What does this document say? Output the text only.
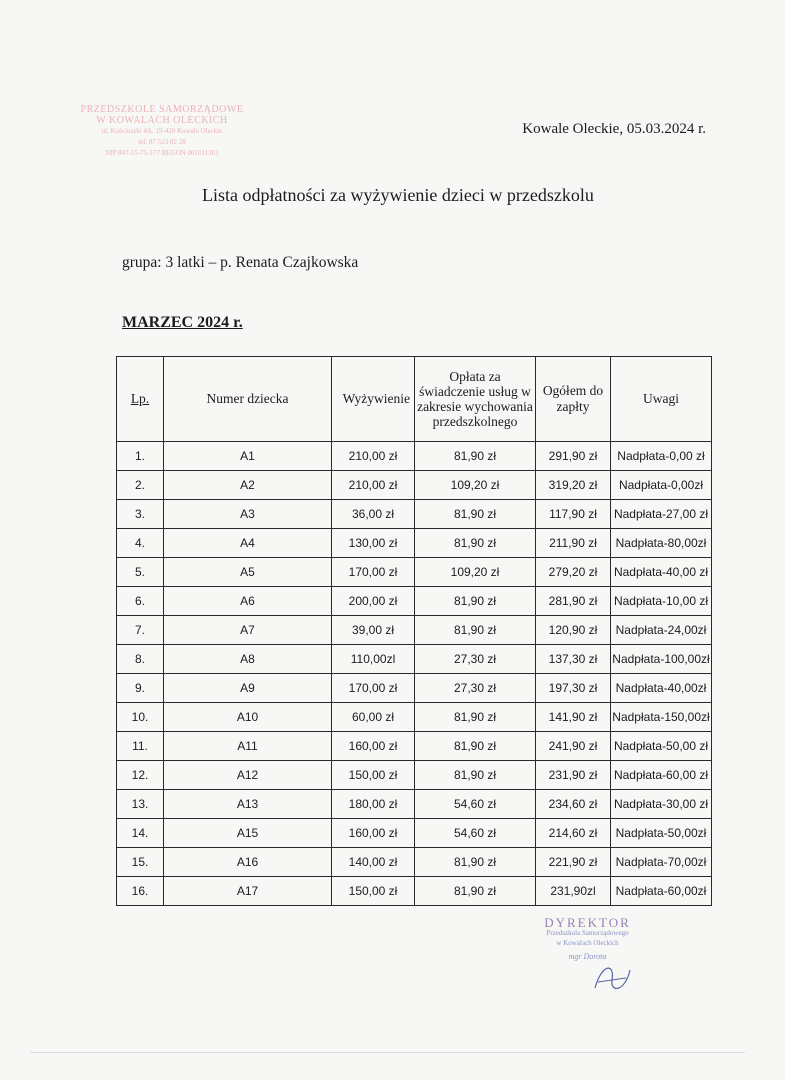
PRZEDSZKOLE SAMORZĄDOWE
W KOWALACH OLECKICH
ul. Kościuszki 4A, 19-420 Kowale Oleckie
tel. 87 523 82 28
NIP 847-15-75-177 REGON 001011301
Kowale Oleckie, 05.03.2024 r.
Lista odpłatności za wyżywienie dzieci w przedszkolu
grupa: 3 latki – p. Renata Czajkowska
MARZEC 2024 r.
Lp.	Numer dziecka	Wyżywienie	Opłata za świadczenie usług w zakresie wychowania przedszkolnego	Ogółem do zapłty	Uwagi
1.	A1	210,00 zł	81,90 zł	291,90 zł	Nadpłata-0,00 zł
2.	A2	210,00 zł	109,20 zł	319,20 zł	Nadpłata-0,00zł
3.	A3	36,00 zł	81,90 zł	117,90 zł	Nadpłata-27,00 zł
4.	A4	130,00 zł	81,90 zł	211,90 zł	Nadpłata-80,00zł
5.	A5	170,00 zł	109,20 zł	279,20 zł	Nadpłata-40,00 zł
6.	A6	200,00 zł	81,90 zł	281,90 zł	Nadpłata-10,00 zł
7.	A7	39,00 zł	81,90 zł	120,90 zł	Nadpłata-24,00zł
8.	A8	110,00zl	27,30 zł	137,30 zł	Nadpłata-100,00zł
9.	A9	170,00 zł	27,30 zł	197,30 zł	Nadpłata-40,00zł
10.	A10	60,00 zł	81,90 zł	141,90 zł	Nadpłata-150,00zł
11.	A11	160,00 zł	81,90 zł	241,90 zł	Nadpłata-50,00 zł
12.	A12	150,00 zł	81,90 zł	231,90 zł	Nadpłata-60,00 zł
13.	A13	180,00 zł	54,60 zł	234,60 zł	Nadpłata-30,00 zł
14.	A15	160,00 zł	54,60 zł	214,60 zł	Nadpłata-50,00zł
15.	A16	140,00 zł	81,90 zł	221,90 zł	Nadpłata-70,00zł
16.	A17	150,00 zł	81,90 zł	231,90zl	Nadpłata-60,00zł
DYREKTOR
Przedszkola Samorządowego
w Kowalach Oleckich
mgr Dorota
